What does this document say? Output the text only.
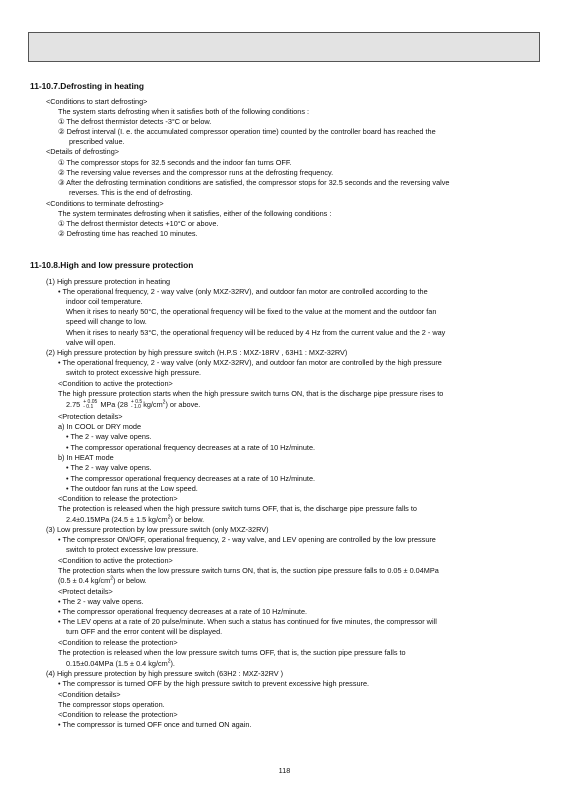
11-10.7.Defrosting in heating
<Conditions to start defrosting>
The system starts defrosting when it satisfies both of the following conditions :
① The defrost thermistor detects -3°C or below.
② Defrost interval (I. e. the accumulated compressor operation time) counted by the controller board has reached the
prescribed value.
<Details of defrosting>
① The compressor stops for 32.5 seconds and the indoor fan turns OFF.
② The reversing value reverses and the compressor runs at the defrosting frequency.
③ After the defrosting termination conditions are satisfied, the compressor stops for 32.5 seconds and the reversing valve
reverses. This is the end of defrosting.
<Conditions to terminate defrosting>
The system terminates defrosting when it satisfies, either of the following conditions :
① The defrost thermistor detects +10°C or above.
② Defrosting time has reached 10 minutes.
11-10.8.High and low pressure protection
(1) High pressure protection in heating
• The operational frequency, 2 - way valve (only MXZ-32RV), and outdoor fan motor are controlled according to the
indoor coil temperature.
When it rises to nearly 50°C, the operational frequency will be fixed to the value at the moment and the outdoor fan
speed will change to low.
When it rises to nearly 53°C, the operational frequency will be reduced by 4 Hz from the current value and the 2 - way
valve will open.
(2) High pressure protection by high pressure switch (H.P.S : MXZ-18RV , 63H1 : MXZ-32RV)
• The operational frequency, 2 - way valve (only MXZ-32RV), and outdoor fan motor are controlled by the high pressure
switch to protect excessive high pressure.
<Condition to active the protection>
The high pressure protection starts when the high pressure switch turns ON, that is the discharge pipe pressure rises to
2.75 + 0.05
- 0.1 MPa (28 + 0.5
- 1.0 $kg/cm^2$) or above.
<Protection details>
a) In COOL or DRY mode
• The 2 - way valve opens.
• The compressor operational frequency decreases at a rate of 10 Hz/minute.
b) In HEAT mode
• The 2 - way valve opens.
• The compressor operational frequency decreases at a rate of 10 Hz/minute.
• The outdoor fan runs at the Low speed.
<Condition to release the protection>
The protection is released when the high pressure switch turns OFF, that is, the discharge pipe pressure falls to
2.4±0.15MPa (24.5 ± 1.5 $kg/cm^2$) or below.
(3) Low pressure protection by low pressure switch (only MXZ-32RV)
• The compressor ON/OFF, operational frequency, 2 - way valve, and LEV opening are controlled by the low pressure
switch to protect excessive low pressure.
<Condition to active the protection>
The protection starts when the low pressure switch turns ON, that is, the suction pipe pressure falls to 0.05 ± 0.04MPa
(0.5 ± 0.4 $kg/cm^2$) or below.
<Protect details>
• The 2 - way valve opens.
• The compressor operational frequency decreases at a rate of 10 Hz/minute.
• The LEV opens at a rate of 20 pulse/minute. When such a status has continued for five minutes, the compressor will
turn OFF and the error content will be displayed.
<Condition to release the protection>
The protection is released when the low pressure switch turns OFF, that is, the suction pipe pressure falls to
0.15±0.04MPa (1.5 ± 0.4 $kg/cm^2$).
(4) High pressure protection by high pressure switch (63H2 : MXZ-32RV )
• The compressor is turned OFF by the high pressure switch to prevent excessive high pressure.
<Condition details>
The compressor stops operation.
<Condition to release the protection>
• The compressor is turned OFF once and turned ON again.
118
